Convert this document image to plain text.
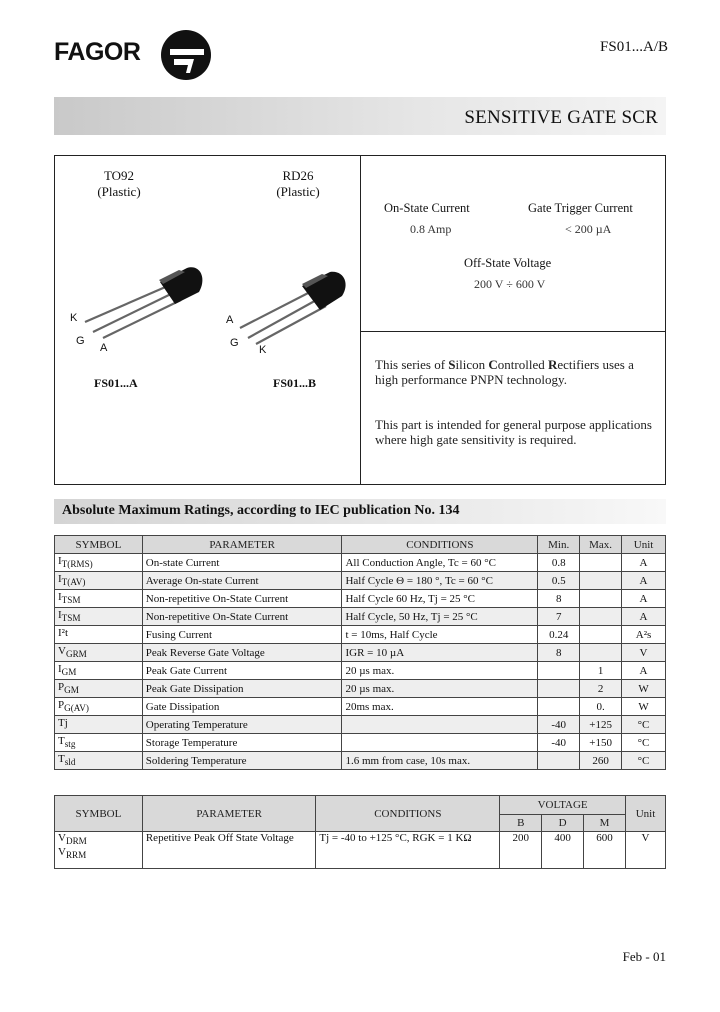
FAGOR	FS01...A/B
SENSITIVE GATE SCR
TO92
(Plastic)
K
G
A
FS01...A
RD26
(Plastic)
A
G
K
FS01...B
On-State Current
0.8 Amp
Gate Trigger Current
< 200 µA
Off-State Voltage
200 V ÷ 600 V
This series of Silicon Controlled Rectifiers uses a high performance PNPN technology.
This part is intended for general purpose applications where high gate sensitivity is required.
Absolute Maximum Ratings, according to IEC publication No. 134
SYMBOL	PARAMETER	CONDITIONS	Min.	Max.	Unit
$I_{T(RMS)}$	On-state Current	All Conduction Angle, Tc = 60 °C	0.8		A
$I_{T(AV)}$	Average On-state Current	Half Cycle Θ = 180 °, Tc = 60 °C	0.5		A
$I_{TSM}$	Non-repetitive On-State Current	Half Cycle 60 Hz, Tj = 25 °C	8		A
$I_{TSM}$	Non-repetitive On-State Current	Half Cycle, 50 Hz, Tj = 25 °C	7		A
I²t	Fusing Current	t = 10ms, Half Cycle	0.24		A²s
$V_{GRM}$	Peak Reverse Gate Voltage	IGR = 10 µA	8		V
$I_{GM}$	Peak Gate Current	20 µs max.		1	A
$P_{GM}$	Peak Gate Dissipation	20 µs max.		2	W
$P_{G(AV)}$	Gate Dissipation	20ms max.		0.	W
Tj	Operating Temperature		-40	+125	°C
$T_{stg}$	Storage Temperature		-40	+150	°C
$T_{sld}$	Soldering Temperature	1.6 mm from case, 10s max.		260	°C
SYMBOL	PARAMETER	CONDITIONS	VOLTAGE			Unit
			B	D	M	

$V_{DRM}$
$V_{RRM}$	Repetitive Peak Off State Voltage	Tj = -40 to +125 °C, RGK = 1 KΩ	200	400	600	V
Feb - 01
